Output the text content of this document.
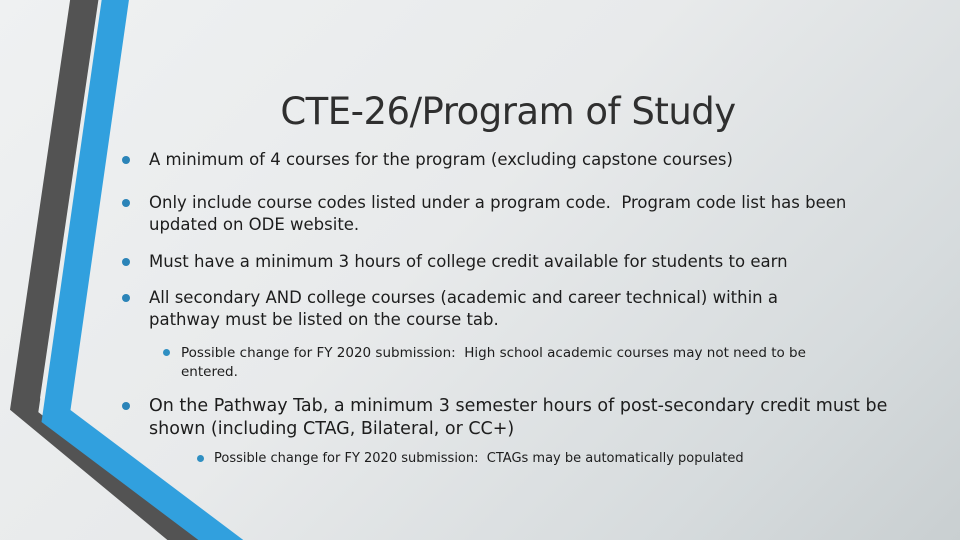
CTE-26/Program of Study
A minimum of 4 courses for the program (excluding capstone courses)
Only include course codes listed under a program code.  Program code list has been updated on ODE website.
Must have a minimum 3 hours of college credit available for students to earn
All secondary AND college courses (academic and career technical) within a pathway must be listed on the course tab.
Possible change for FY 2020 submission:  High school academic courses may not need to be entered.
On the Pathway Tab, a minimum 3 semester hours of post-secondary credit must be shown (including CTAG, Bilateral, or CC+)
Possible change for FY 2020 submission:  CTAGs may be automatically populated
